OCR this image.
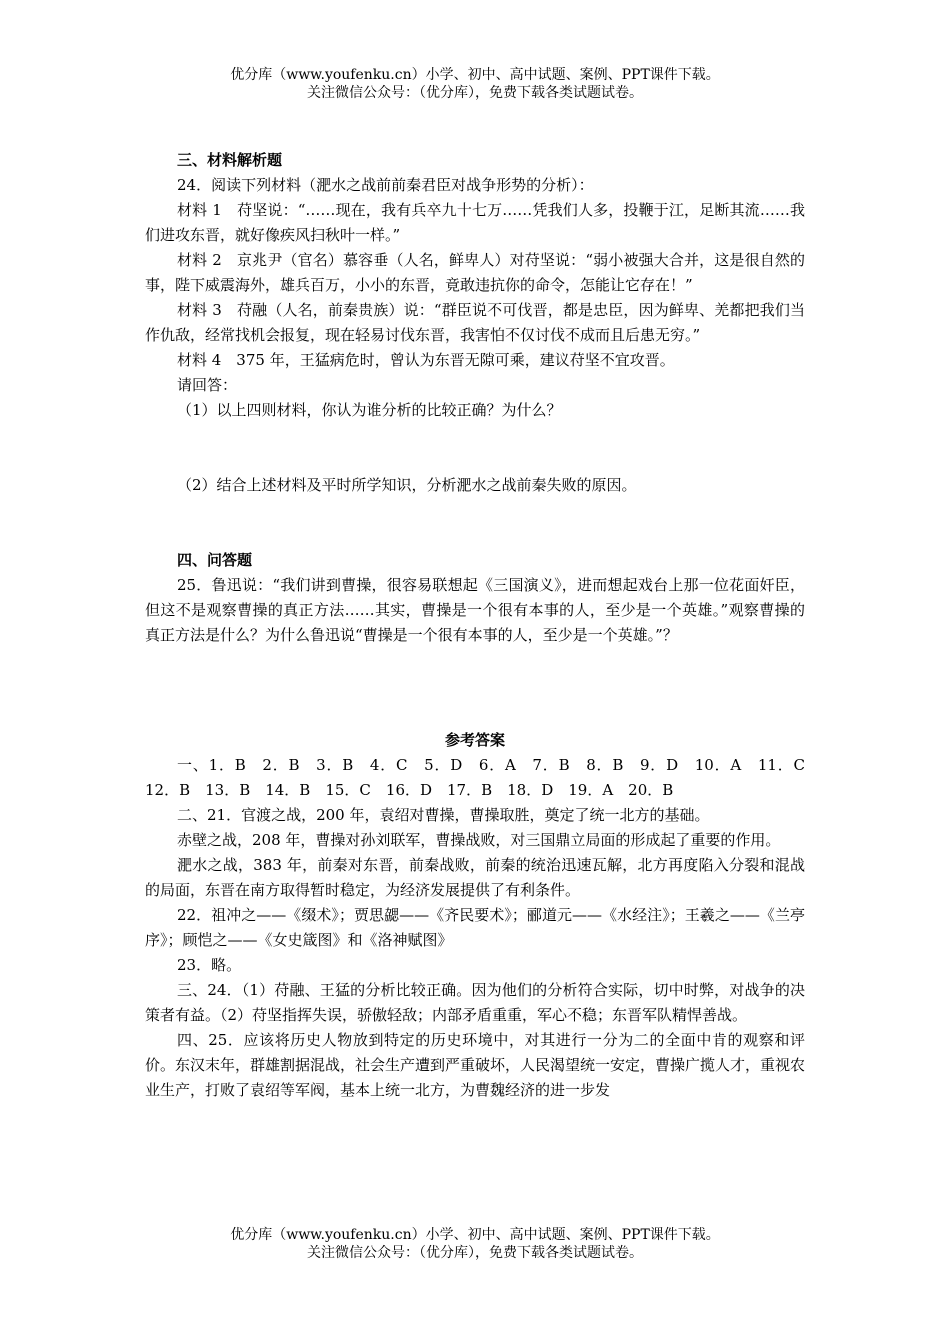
优分库（www.youfenku.cn）小学、初中、高中试题、案例、PPT课件下载。
关注微信公众号：（优分库），免费下载各类试题试卷。

三、材料解析题

24．阅读下列材料（淝水之战前前秦君臣对战争形势的分析）：

材料 1　苻坚说：“……现在，我有兵卒九十七万……凭我们人多，投鞭于江，足断其流……我们进攻东晋，就好像疾风扫秋叶一样。”

材料 2　京兆尹（官名）慕容垂（人名，鲜卑人）对苻坚说：“弱小被强大合并，这是很自然的事，陛下威震海外，雄兵百万，小小的东晋，竟敢违抗你的命令，怎能让它存在！”

材料 3　苻融（人名，前秦贵族）说：“群臣说不可伐晋，都是忠臣，因为鲜卑、羌都把我们当作仇敌，经常找机会报复，现在轻易讨伐东晋，我害怕不仅讨伐不成而且后患无穷。”

材料 4　375 年，王猛病危时，曾认为东晋无隙可乘，建议苻坚不宜攻晋。

请回答：

（1）以上四则材料，你认为谁分析的比较正确？为什么？

（2）结合上述材料及平时所学知识，分析淝水之战前秦失败的原因。

四、问答题

25．鲁迅说：“我们讲到曹操，很容易联想起《三国演义》，进而想起戏台上那一位花面奸臣，但这不是观察曹操的真正方法……其实，曹操是一个很有本事的人，至少是一个英雄。”观察曹操的真正方法是什么？为什么鲁迅说“曹操是一个很有本事的人，至少是一个英雄。”？

参考答案

一、1．B　2．B　3．B　4．C　5．D　6．A　7．B　8．B　9．D　10．A　11．C　12．B　13．B　14．B　15．C　16．D　17．B　18．D　19．A　20．B

二、21．官渡之战，200 年，袁绍对曹操，曹操取胜，奠定了统一北方的基础。

赤壁之战，208 年，曹操对孙刘联军，曹操战败，对三国鼎立局面的形成起了重要的作用。

淝水之战，383 年，前秦对东晋，前秦战败，前秦的统治迅速瓦解，北方再度陷入分裂和混战的局面，东晋在南方取得暂时稳定，为经济发展提供了有利条件。

22．祖冲之——《缀术》；贾思勰——《齐民要术》；郦道元——《水经注》；王羲之——《兰亭序》；顾恺之——《女史箴图》和《洛神赋图》

23．略。

三、24．（1）苻融、王猛的分析比较正确。因为他们的分析符合实际，切中时弊，对战争的决策者有益。（2）苻坚指挥失误，骄傲轻敌；内部矛盾重重，军心不稳；东晋军队精悍善战。

四、25．应该将历史人物放到特定的历史环境中，对其进行一分为二的全面中肯的观察和评价。东汉末年，群雄割据混战，社会生产遭到严重破坏，人民渴望统一安定，曹操广揽人才，重视农业生产，打败了袁绍等军阀，基本上统一北方，为曹魏经济的进一步发

优分库（www.youfenku.cn）小学、初中、高中试题、案例、PPT课件下载。
关注微信公众号：（优分库），免费下载各类试题试卷。
